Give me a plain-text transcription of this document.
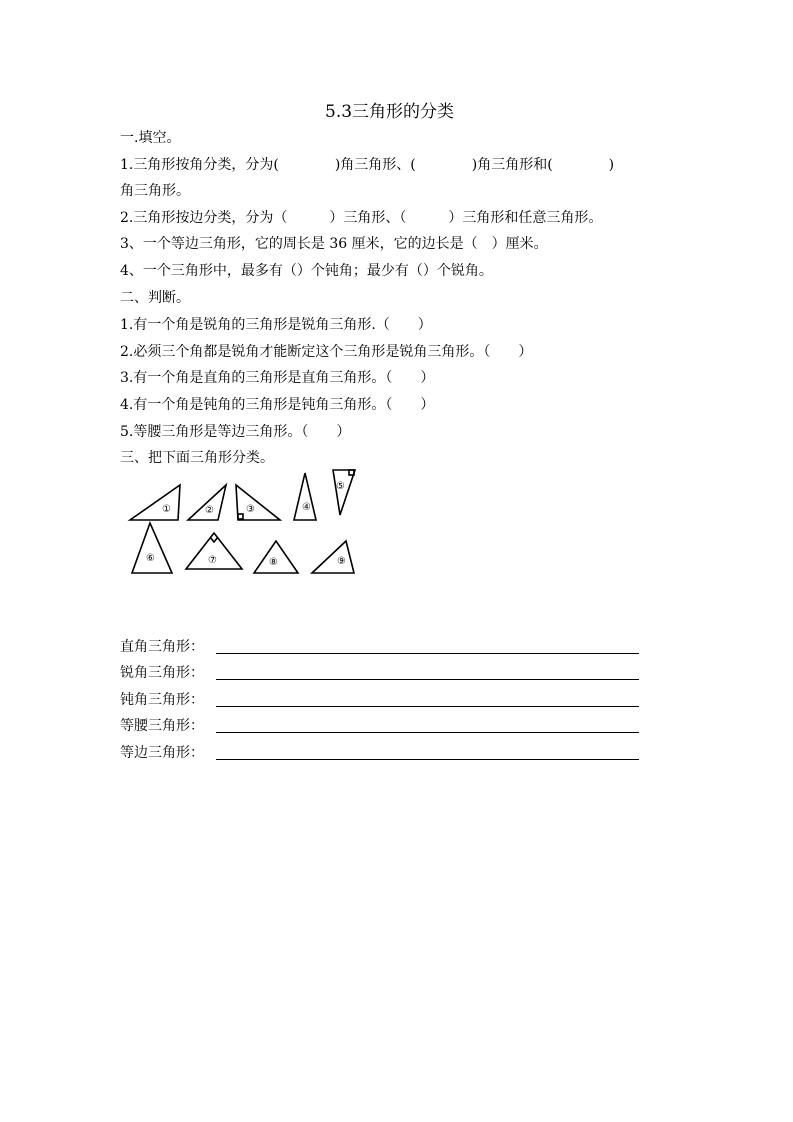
5.3三角形的分类
一.填空。
1.三角形按角分类，分为(　　　　)角三角形、(　　　　)角三角形和(　　　　)
角三角形。
2.三角形按边分类，分为（　　　）三角形、（　　　）三角形和任意三角形。
3、一个等边三角形，它的周长是 36 厘米，它的边长是（　）厘米。
4、一个三角形中，最多有（）个钝角；最少有（）个锐角。
二、判断。
1.有一个角是锐角的三角形是锐角三角形.（　　）
2.必须三个角都是锐角才能断定这个三角形是锐角三角形。（　　）
3.有一个角是直角的三角形是直角三角形。（　　）
4.有一个角是钝角的三角形是钝角三角形。（　　）
5.等腰三角形是等边三角形。（　　）
三、把下面三角形分类。
①	②	③	④
⑤
⑥	⑦	⑧	⑨
直角三角形：
锐角三角形：
钝角三角形：
等腰三角形：
等边三角形：
